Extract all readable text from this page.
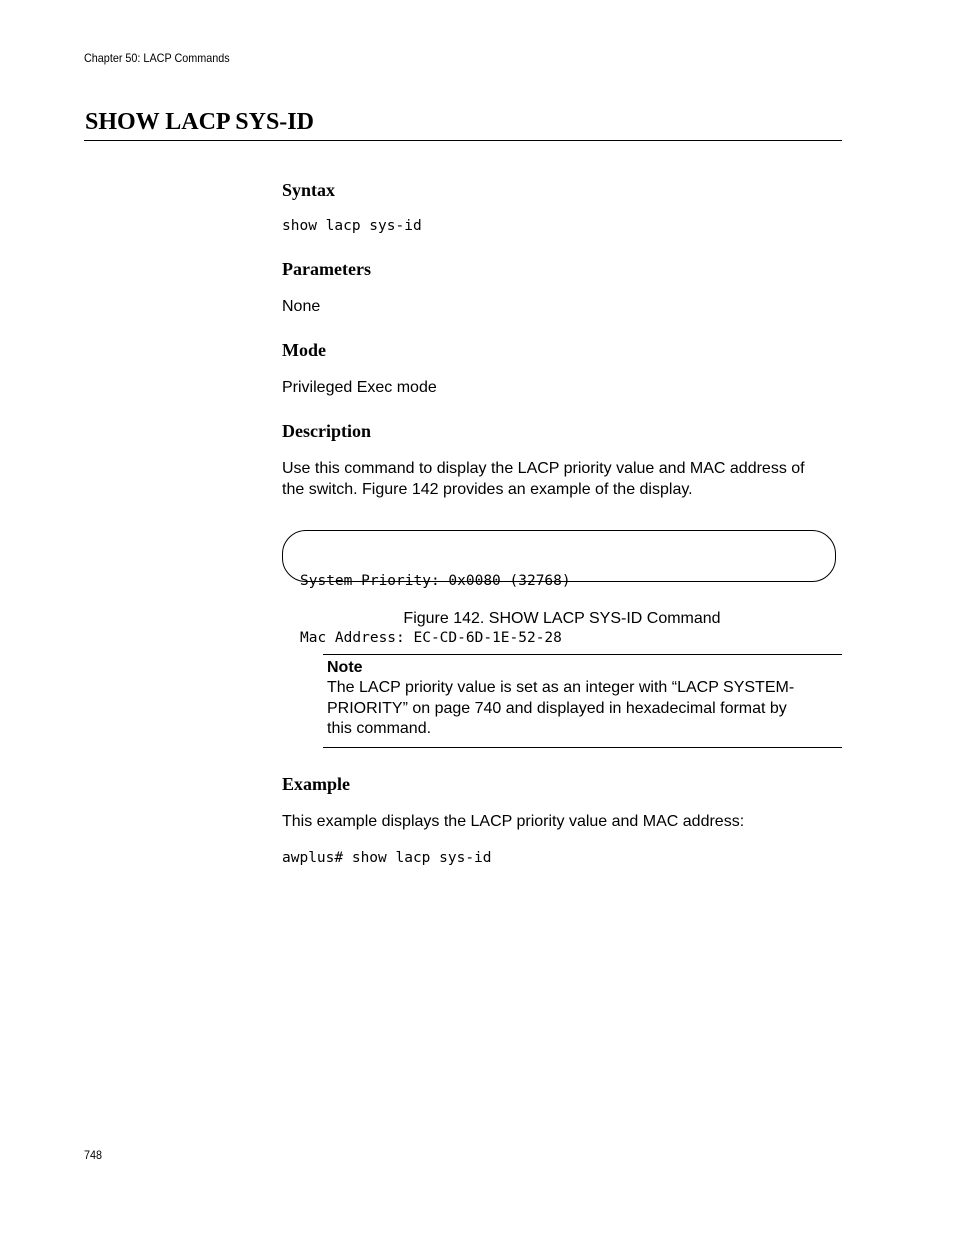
Chapter 50: LACP Commands
SHOW LACP SYS-ID
Syntax
show lacp sys-id
Parameters

None

Mode

Privileged Exec mode

Description

Use this command to display the LACP priority value and MAC address of

the switch. Figure 142 provides an example of the display.

System Priority: 0x0080 (32768)

Mac Address: EC-CD-6D-1E-52-28

Figure 142. SHOW LACP SYS-ID Command
Note
The LACP priority value is set as an integer with “LACP SYSTEM-
PRIORITY” on page 740 and displayed in hexadecimal format by
this command.
Example

This example displays the LACP priority value and MAC address:

awplus# show lacp sys-id
748
